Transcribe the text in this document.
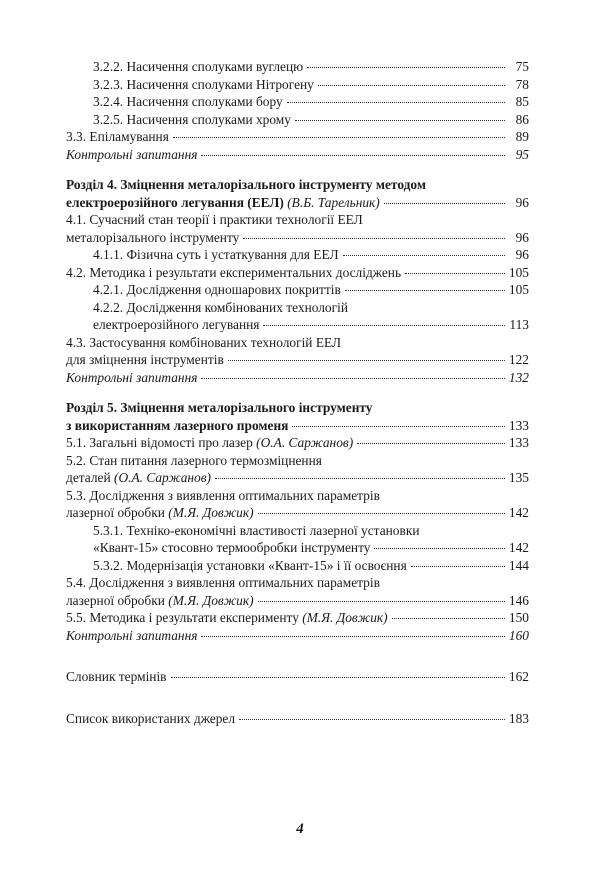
3.2.2. Насичення сполуками вуглецю	75
3.2.3. Насичення сполуками Нітрогену	78
3.2.4. Насичення сполуками бору	85
3.2.5. Насичення сполуками хрому	86
3.3. Епіламування	89
Контрольні запитання	95
Розділ 4. Зміцнення металорізального інструменту методом
електроерозійного легування (ЕЕЛ) (В.Б. Тарельник)	96
4.1. Сучасний стан теорії і практики технології ЕЕЛ
металорізального інструменту	96
4.1.1. Фізична суть і устаткування для ЕЕЛ	96
4.2. Методика і результати експериментальних досліджень	105
4.2.1. Дослідження одношарових покриттів	105
4.2.2. Дослідження комбінованих технологій
електроерозійного легування	113
4.3. Застосування комбінованих технологій ЕЕЛ
для зміцнення інструментів	122
Контрольні запитання	132
Розділ 5. Зміцнення металорізального інструменту
з використанням лазерного променя	133
5.1. Загальні відомості про лазер (О.А. Саржанов)	133
5.2. Стан питання лазерного термозміцнення
деталей (О.А. Саржанов)	135
5.3. Дослідження з виявлення оптимальних параметрів
лазерної обробки (М.Я. Довжик)	142
5.3.1. Техніко-економічні властивості лазерної установки
«Квант-15» стосовно термообробки інструменту	142
5.3.2. Модернізація установки «Квант-15» і її освоєння	144
5.4. Дослідження з виявлення оптимальних параметрів
лазерної обробки (М.Я. Довжик)	146
5.5. Методика і результати експерименту (М.Я. Довжик)	150
Контрольні запитання	160
Словник термінів	162
Список використаних джерел	183
4
